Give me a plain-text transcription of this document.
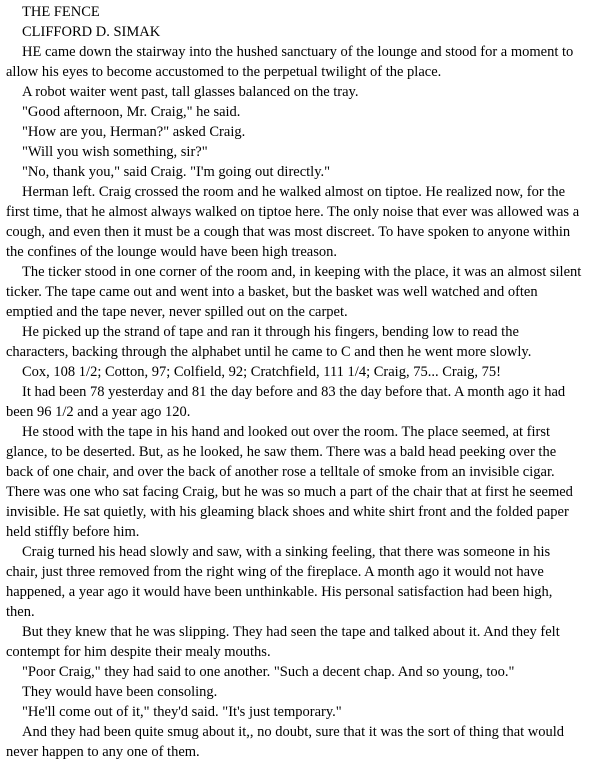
THE FENCE

CLIFFORD D. SIMAK

HE came down the stairway into the hushed sanctuary of the lounge and stood for a moment to allow his eyes to become accustomed to the perpetual twilight of the place.

A robot waiter went past, tall glasses balanced on the tray.

"Good afternoon, Mr. Craig," he said.

"How are you, Herman?" asked Craig.

"Will you wish something, sir?"

"No, thank you," said Craig. "I'm going out directly."

Herman left. Craig crossed the room and he walked almost on tiptoe. He realized now, for the first time, that he almost always walked on tiptoe here. The only noise that ever was allowed was a cough, and even then it must be a cough that was most discreet. To have spoken to anyone within the confines of the lounge would have been high treason.

The ticker stood in one corner of the room and, in keeping with the place, it was an almost silent ticker. The tape came out and went into a basket, but the basket was well watched and often emptied and the tape never, never spilled out on the carpet.

He picked up the strand of tape and ran it through his fingers, bending low to read the characters, backing through the alphabet until he came to C and then he went more slowly.

Cox, 108 1/2; Cotton, 97; Colfield, 92; Cratchfield, 111 1/4; Craig, 75... Craig, 75!

It had been 78 yesterday and 81 the day before and 83 the day before that. A month ago it had been 96 1/2 and a year ago 120.

He stood with the tape in his hand and looked out over the room. The place seemed, at first glance, to be deserted. But, as he looked, he saw them. There was a bald head peeking over the back of one chair, and over the back of another rose a telltale of smoke from an invisible cigar. There was one who sat facing Craig, but he was so much a part of the chair that at first he seemed invisible. He sat quietly, with his gleaming black shoes and white shirt front and the folded paper held stiffly before him.

Craig turned his head slowly and saw, with a sinking feeling, that there was someone in his chair, just three removed from the right wing of the fireplace. A month ago it would not have happened, a year ago it would have been unthinkable. His personal satisfaction had been high, then.

But they knew that he was slipping. They had seen the tape and talked about it. And they felt contempt for him despite their mealy mouths.

"Poor Craig," they had said to one another. "Such a decent chap. And so young, too."

They would have been consoling.

"He'll come out of it," they'd said. "It's just temporary."

And they had been quite smug about it,, no doubt, sure that it was the sort of thing that would never happen to any one of them.
